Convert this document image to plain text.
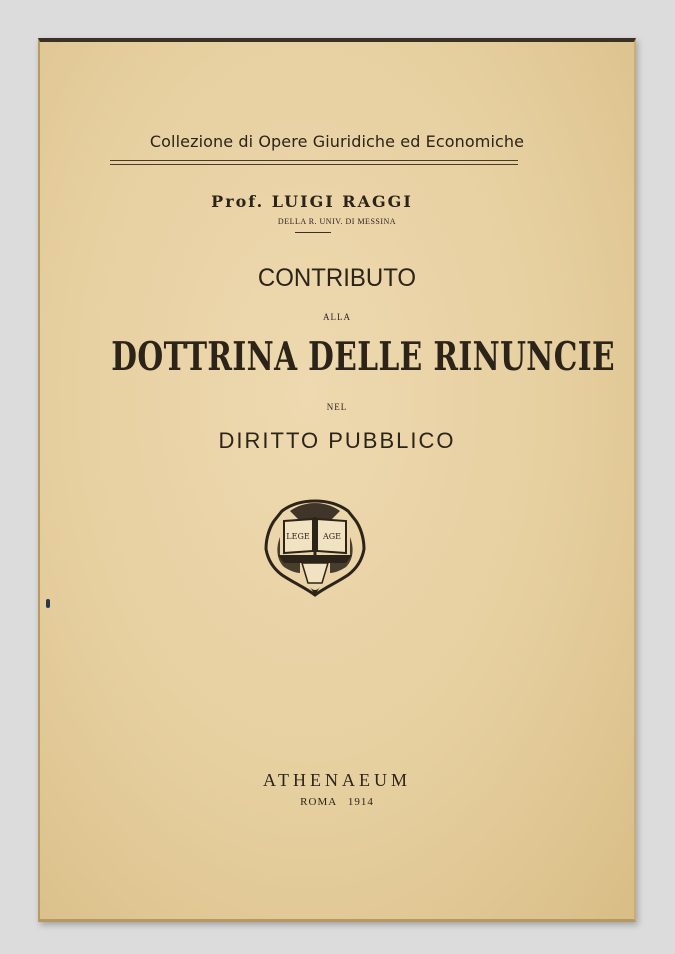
Collezione di Opere Giuridiche ed Economiche

Prof. LUIGI RAGGI

DELLA R. UNIV. DI MESSINA

CONTRIBUTO

ALLA

DOTTRINA DELLE RINUNCIE

NEL

DIRITTO PUBBLICO

LEGE AGE

ATHENAEUM

ROMA   1914
